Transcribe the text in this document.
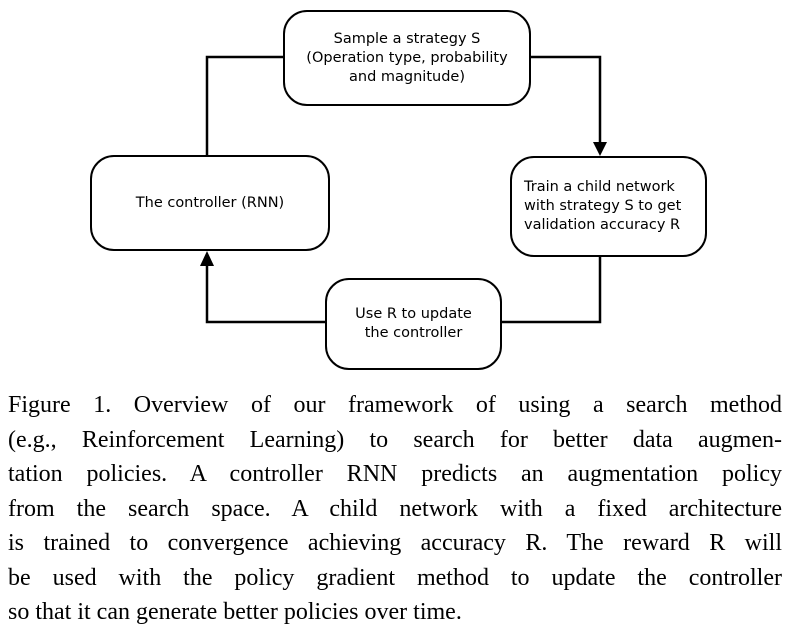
Sample a strategy S
(Operation type, probability
and magnitude)
The controller (RNN)
Train a child network
with strategy S to get
validation accuracy R
Use R to update
the controller
Figure 1. Overview of our framework of using a search method
(e.g., Reinforcement Learning) to search for better data augmen-
tation policies. A controller RNN predicts an augmentation policy
from the search space. A child network with a fixed architecture
is trained to convergence achieving accuracy R. The reward R will
be used with the policy gradient method to update the controller
so that it can generate better policies over time.
